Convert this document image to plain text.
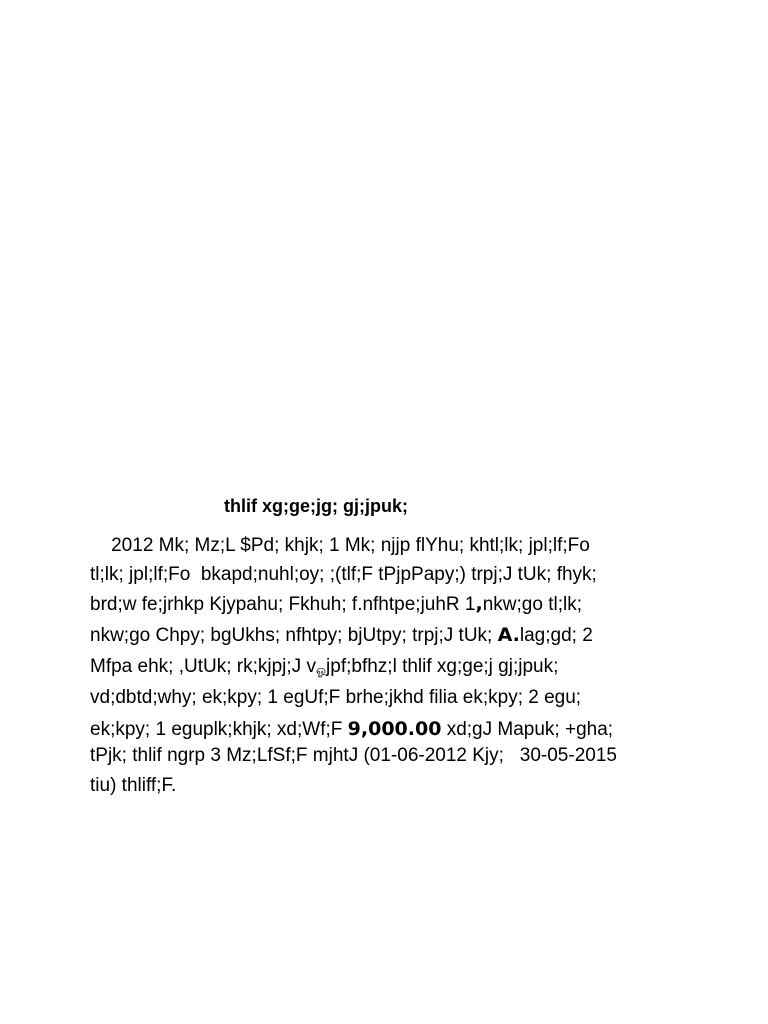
thlif xg;ge;jg; gj;jpuk;
2012 Mk; Mz;L $Pd; khjk; 1 Mk; njjp flYhu; khtl;lk; jpl;lf;Fo
tl;lk; jpl;lf;Fo  bkapd;nuhl;oy; ;(tlf;F tPjpPapy;) trpj;J tUk; fhyk;
brd;w fe;jrhkp Kjypahu; Fkhuh; f.nfhtpe;juhR 1,nkw;go tl;lk;
nkw;go Chpy; bgUkhs; nfhtpy; bjUtpy; trpj;J tUk; A.lag;gd; 2
Mfpa ehk; ,UtUk; rk;kjpj;J vஓjpf;bfhz;l thlif xg;ge;j gj;jpuk;
vd;dbtd;why; ek;kpy; 1 egUf;F brhe;jkhd filia ek;kpy; 2 egu;
ek;kpy; 1 eguplk;khjk; xd;Wf;F 9,000.00 xd;gJ Mapuk; +gha;
tPjk; thlif ngrp 3 Mz;LfSf;F mjhtJ (01-06-2012 Kjy;   30-05-2015
tiu) thliff;F.
